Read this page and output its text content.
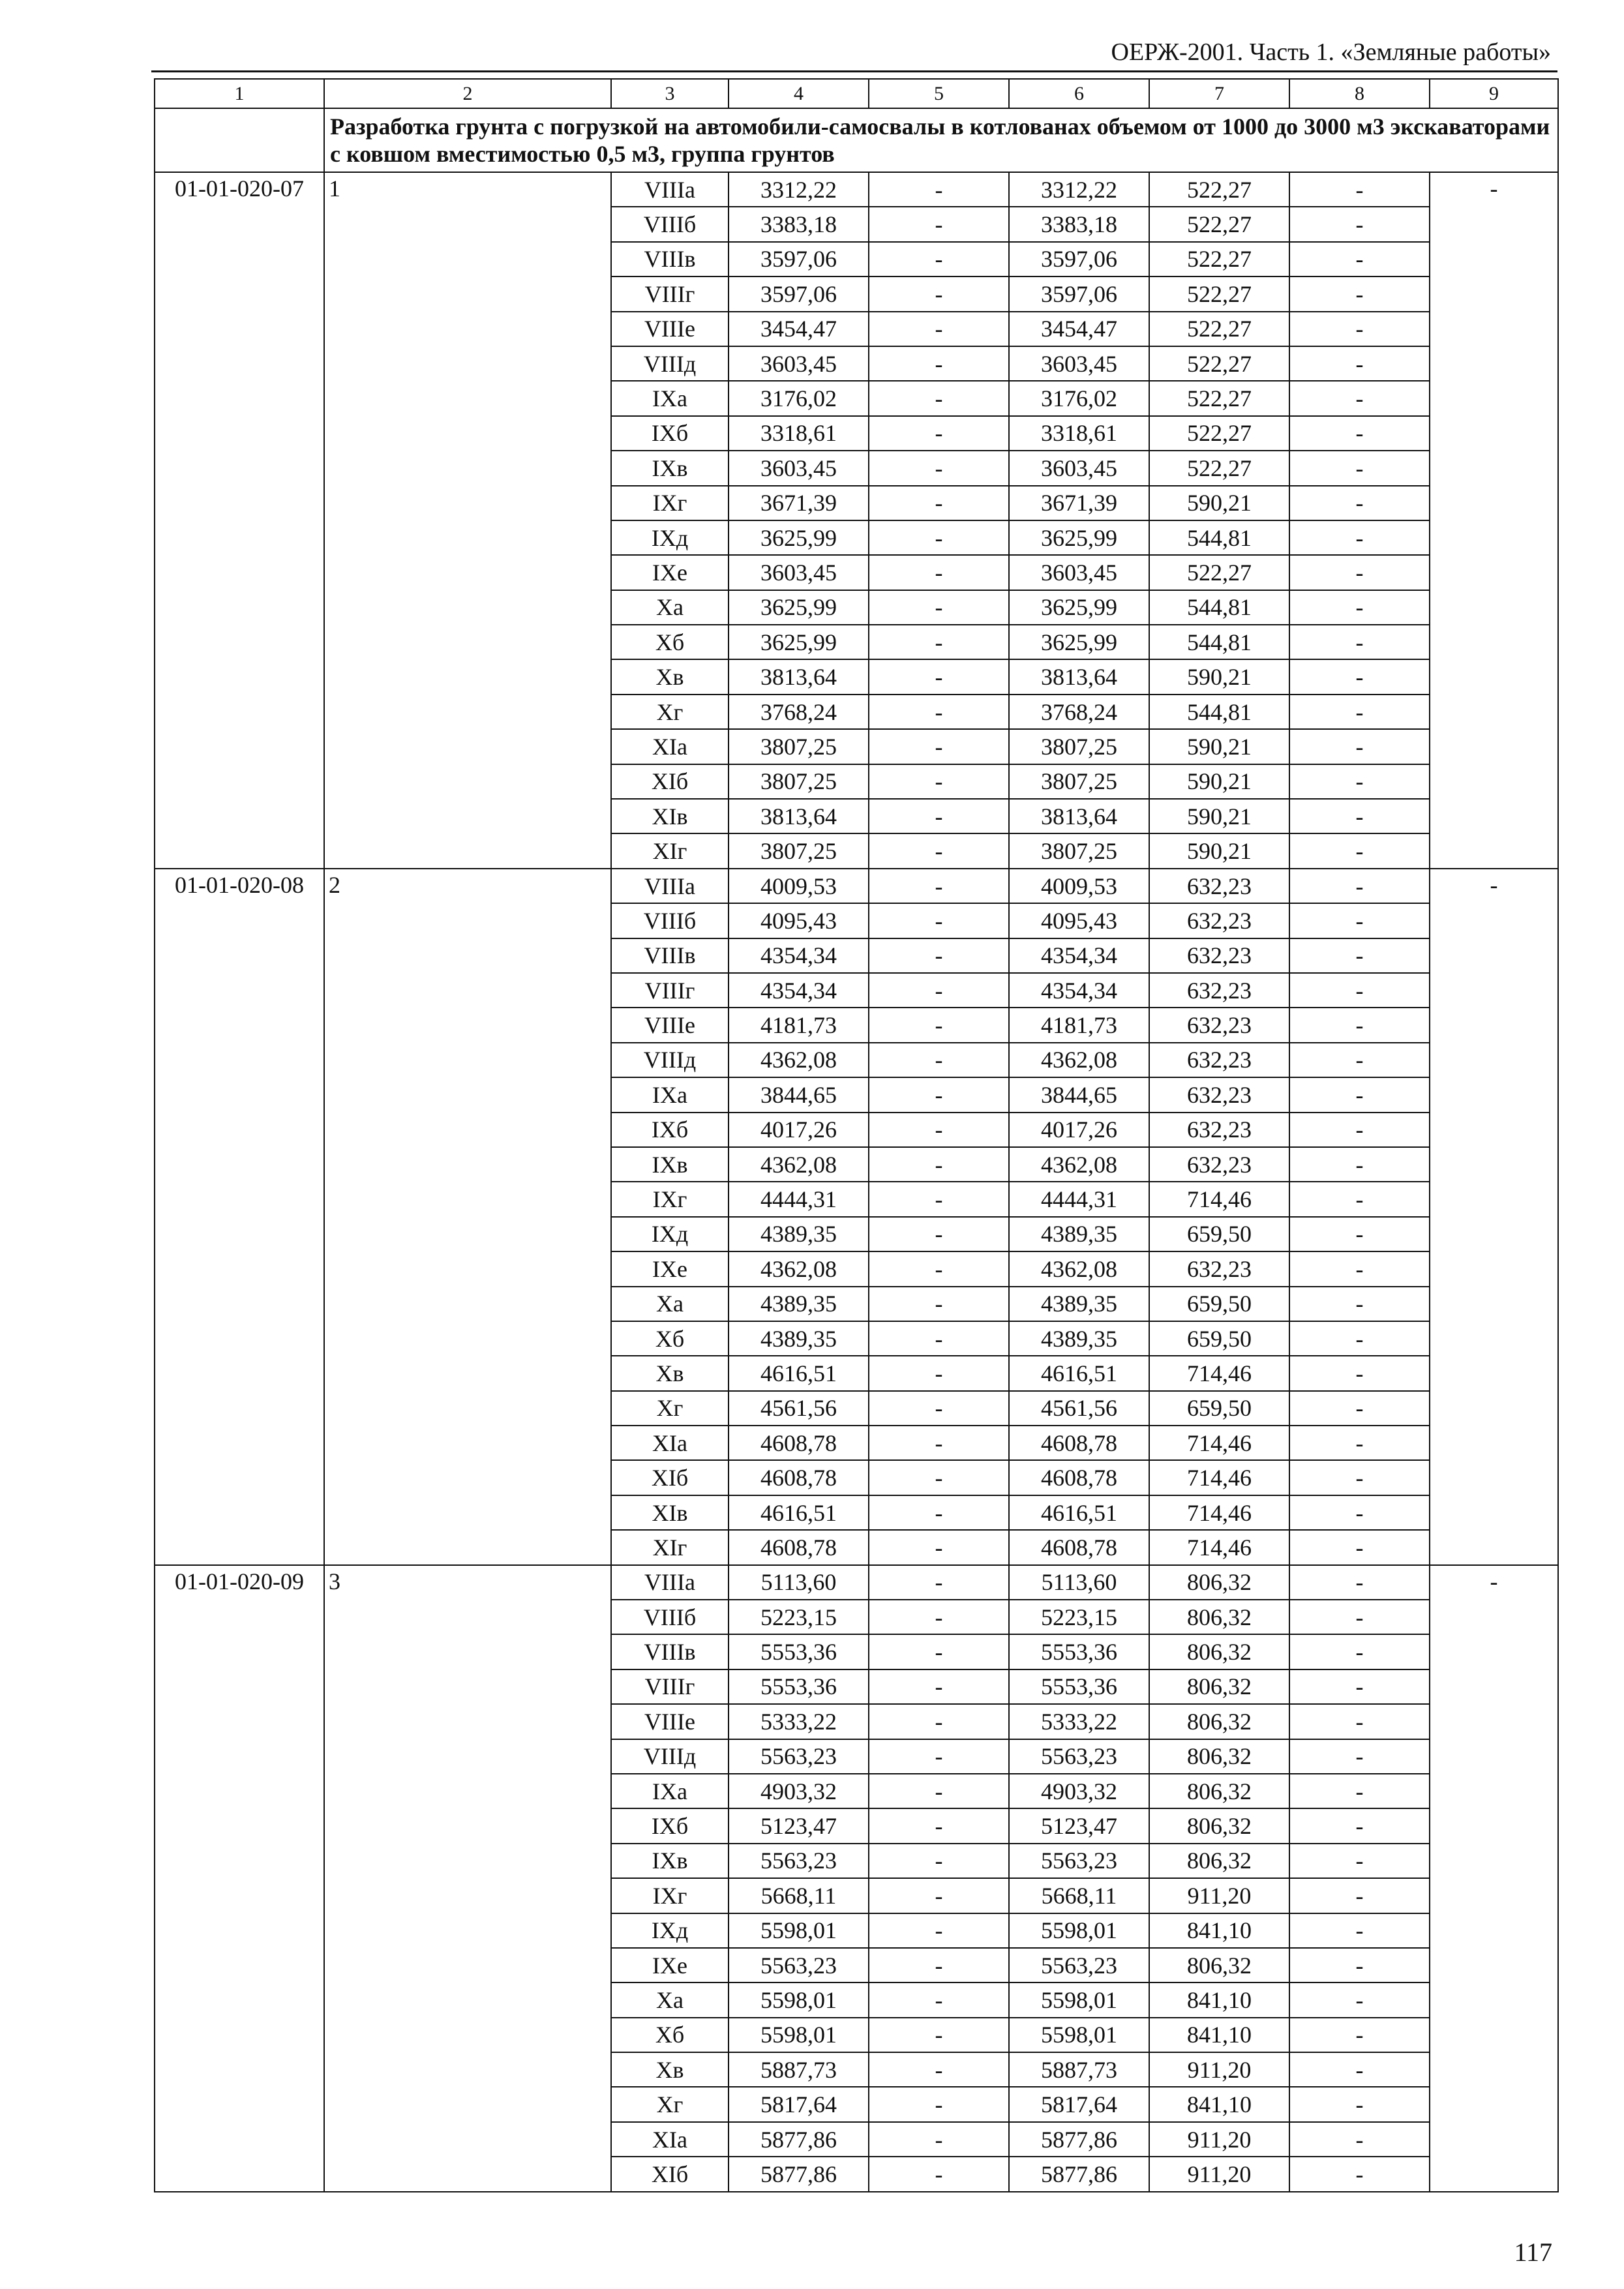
ОЕРЖ-2001. Часть 1. «Земляные работы»
1	2	3	4	5	6	7	8	9
	Разработка грунта с погрузкой на автомобили-самосвалы в котлованах объемом от 1000 до 3000 м3 экскаваторами с ковшом вместимостью 0,5 м3, группа грунтов							
01-01-020-07	1	VIIIа	3312,22	-	3312,22	522,27	-	-
		VIIIб	3383,18	-	3383,18	522,27	-	
		VIIIв	3597,06	-	3597,06	522,27	-	
		VIIIг	3597,06	-	3597,06	522,27	-	
		VIIIе	3454,47	-	3454,47	522,27	-	
		VIIIд	3603,45	-	3603,45	522,27	-	
		IXа	3176,02	-	3176,02	522,27	-	
		IXб	3318,61	-	3318,61	522,27	-	
		IXв	3603,45	-	3603,45	522,27	-	
		IXг	3671,39	-	3671,39	590,21	-	
		IXд	3625,99	-	3625,99	544,81	-	
		IXе	3603,45	-	3603,45	522,27	-	
		Xа	3625,99	-	3625,99	544,81	-	
		Xб	3625,99	-	3625,99	544,81	-	
		Xв	3813,64	-	3813,64	590,21	-	
		Xг	3768,24	-	3768,24	544,81	-	
		XIа	3807,25	-	3807,25	590,21	-	
		XIб	3807,25	-	3807,25	590,21	-	
		XIв	3813,64	-	3813,64	590,21	-	
		XIг	3807,25	-	3807,25	590,21	-	
01-01-020-08	2	VIIIа	4009,53	-	4009,53	632,23	-	-
		VIIIб	4095,43	-	4095,43	632,23	-	
		VIIIв	4354,34	-	4354,34	632,23	-	
		VIIIг	4354,34	-	4354,34	632,23	-	
		VIIIе	4181,73	-	4181,73	632,23	-	
		VIIIд	4362,08	-	4362,08	632,23	-	
		IXа	3844,65	-	3844,65	632,23	-	
		IXб	4017,26	-	4017,26	632,23	-	
		IXв	4362,08	-	4362,08	632,23	-	
		IXг	4444,31	-	4444,31	714,46	-	
		IXд	4389,35	-	4389,35	659,50	-	
		IXе	4362,08	-	4362,08	632,23	-	
		Xа	4389,35	-	4389,35	659,50	-	
		Xб	4389,35	-	4389,35	659,50	-	
		Xв	4616,51	-	4616,51	714,46	-	
		Xг	4561,56	-	4561,56	659,50	-	
		XIа	4608,78	-	4608,78	714,46	-	
		XIб	4608,78	-	4608,78	714,46	-	
		XIв	4616,51	-	4616,51	714,46	-	
		XIг	4608,78	-	4608,78	714,46	-	
01-01-020-09	3	VIIIа	5113,60	-	5113,60	806,32	-	-
		VIIIб	5223,15	-	5223,15	806,32	-	
		VIIIв	5553,36	-	5553,36	806,32	-	
		VIIIг	5553,36	-	5553,36	806,32	-	
		VIIIе	5333,22	-	5333,22	806,32	-	
		VIIIд	5563,23	-	5563,23	806,32	-	
		IXа	4903,32	-	4903,32	806,32	-	
		IXб	5123,47	-	5123,47	806,32	-	
		IXв	5563,23	-	5563,23	806,32	-	
		IXг	5668,11	-	5668,11	911,20	-	
		IXд	5598,01	-	5598,01	841,10	-	
		IXе	5563,23	-	5563,23	806,32	-	
		Xа	5598,01	-	5598,01	841,10	-	
		Xб	5598,01	-	5598,01	841,10	-	
		Xв	5887,73	-	5887,73	911,20	-	
		Xг	5817,64	-	5817,64	841,10	-	
		XIа	5877,86	-	5877,86	911,20	-	
		XIб	5877,86	-	5877,86	911,20	-	
117
